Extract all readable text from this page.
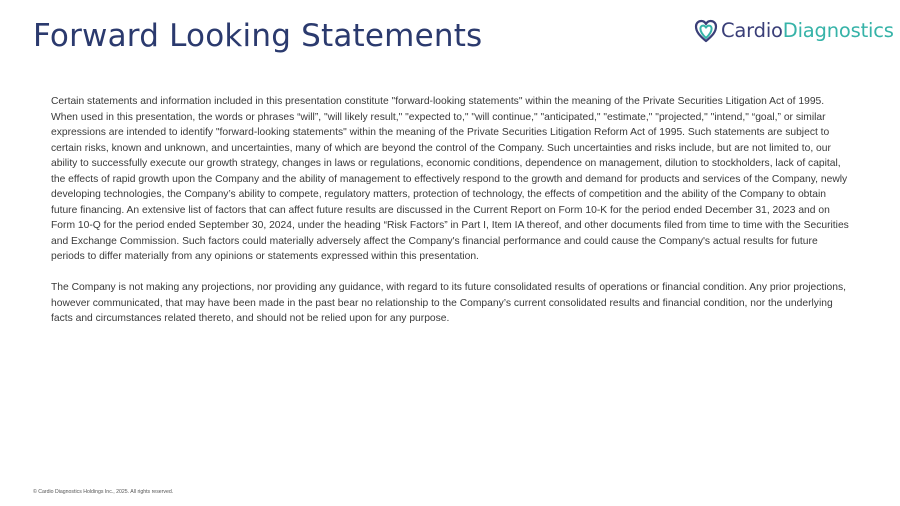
Forward Looking Statements	CardioDiagnostics

Certain statements and information included in this presentation constitute "forward-looking statements" within the meaning of the Private Securities Litigation Act of 1995. When used in this presentation, the words or phrases “will”, "will likely result," "expected to," "will continue," "anticipated," "estimate," "projected," "intend," “goal,” or similar expressions are intended to identify "forward-looking statements" within the meaning of the Private Securities Litigation Reform Act of 1995. Such statements are subject to certain risks, known and unknown, and uncertainties, many of which are beyond the control of the Company. Such uncertainties and risks include, but are not limited to, our ability to successfully execute our growth strategy, changes in laws or regulations, economic conditions, dependence on management, dilution to stockholders, lack of capital, the effects of rapid growth upon the Company and the ability of management to effectively respond to the growth and demand for products and services of the Company, newly developing technologies, the Company’s ability to compete, regulatory matters, protection of technology, the effects of competition and the ability of the Company to obtain future financing. An extensive list of factors that can affect future results are discussed in the Current Report on Form 10-K for the period ended December 31, 2023 and on Form 10-Q for the period ended September 30, 2024, under the heading “Risk Factors” in Part I, Item IA thereof, and other documents filed from time to time with the Securities and Exchange Commission. Such factors could materially adversely affect the Company's financial performance and could cause the Company's actual results for future periods to differ materially from any opinions or statements expressed within this presentation.

The Company is not making any projections, nor providing any guidance, with regard to its future consolidated results of operations or financial condition. Any prior projections, however communicated, that may have been made in the past bear no relationship to the Company’s current consolidated results and financial condition, nor the underlying facts and circumstances related thereto, and should not be relied upon for any purpose.

© Cardio Diagnostics Holdings Inc., 2025. All rights reserved.
